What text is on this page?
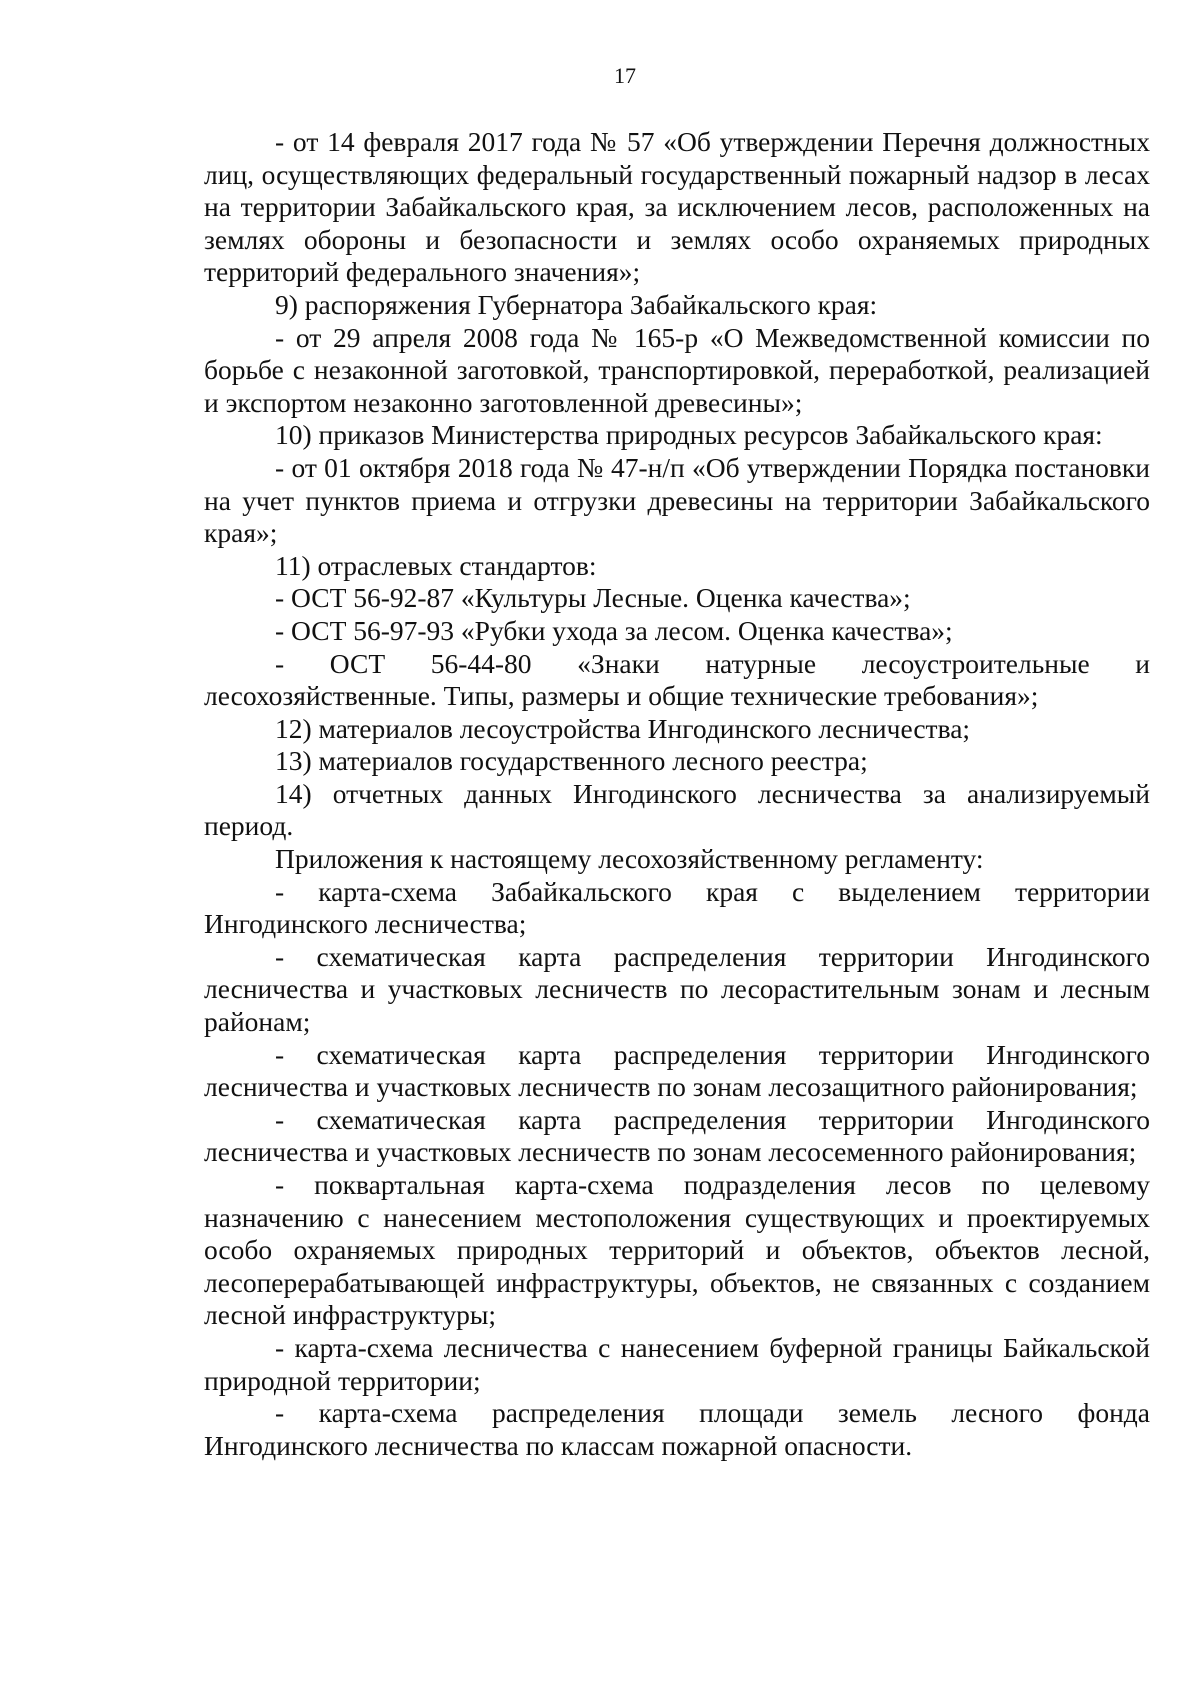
17

- от 14 февраля 2017 года № 57 «Об утверждении Перечня должностных лиц, осуществляющих федеральный государственный пожарный надзор в лесах на территории Забайкальского края, за исключением лесов, расположенных на землях обороны и безопасности и землях особо охраняемых природных территорий федерального значения»;

9) распоряжения Губернатора Забайкальского края:

- от 29 апреля 2008 года № 165-р «О Межведомственной комиссии по борьбе с незаконной заготовкой, транспортировкой, переработкой, реализацией и экспортом незаконно заготовленной древесины»;

10) приказов Министерства природных ресурсов Забайкальского края:

- от 01 октября 2018 года № 47-н/п «Об утверждении Порядка постановки на учет пунктов приема и отгрузки древесины на территории Забайкальского края»;

11) отраслевых стандартов:

- ОСТ 56-92-87 «Культуры Лесные. Оценка качества»;

- ОСТ 56-97-93 «Рубки ухода за лесом. Оценка качества»;

- ОСТ 56-44-80 «Знаки натурные лесоустроительные и лесохозяйственные. Типы, размеры и общие технические требования»;

12) материалов лесоустройства Ингодинского лесничества;

13) материалов государственного лесного реестра;

14) отчетных данных Ингодинского лесничества за анализируемый период.

Приложения к настоящему лесохозяйственному регламенту:

- карта-схема Забайкальского края с выделением территории Ингодинского лесничества;

- схематическая карта распределения территории Ингодинского лесничества и участковых лесничеств по лесорастительным зонам и лесным районам;

- схематическая карта распределения территории Ингодинского лесничества и участковых лесничеств по зонам лесозащитного районирования;

- схематическая карта распределения территории Ингодинского лесничества и участковых лесничеств по зонам лесосеменного районирования;

- поквартальная карта-схема подразделения лесов по целевому назначению с нанесением местоположения существующих и проектируемых особо охраняемых природных территорий и объектов, объектов лесной, лесоперерабатывающей инфраструктуры, объектов, не связанных с созданием лесной инфраструктуры;

- карта-схема лесничества с нанесением буферной границы Байкальской природной территории;

- карта-схема распределения площади земель лесного фонда Ингодинского лесничества по классам пожарной опасности.
